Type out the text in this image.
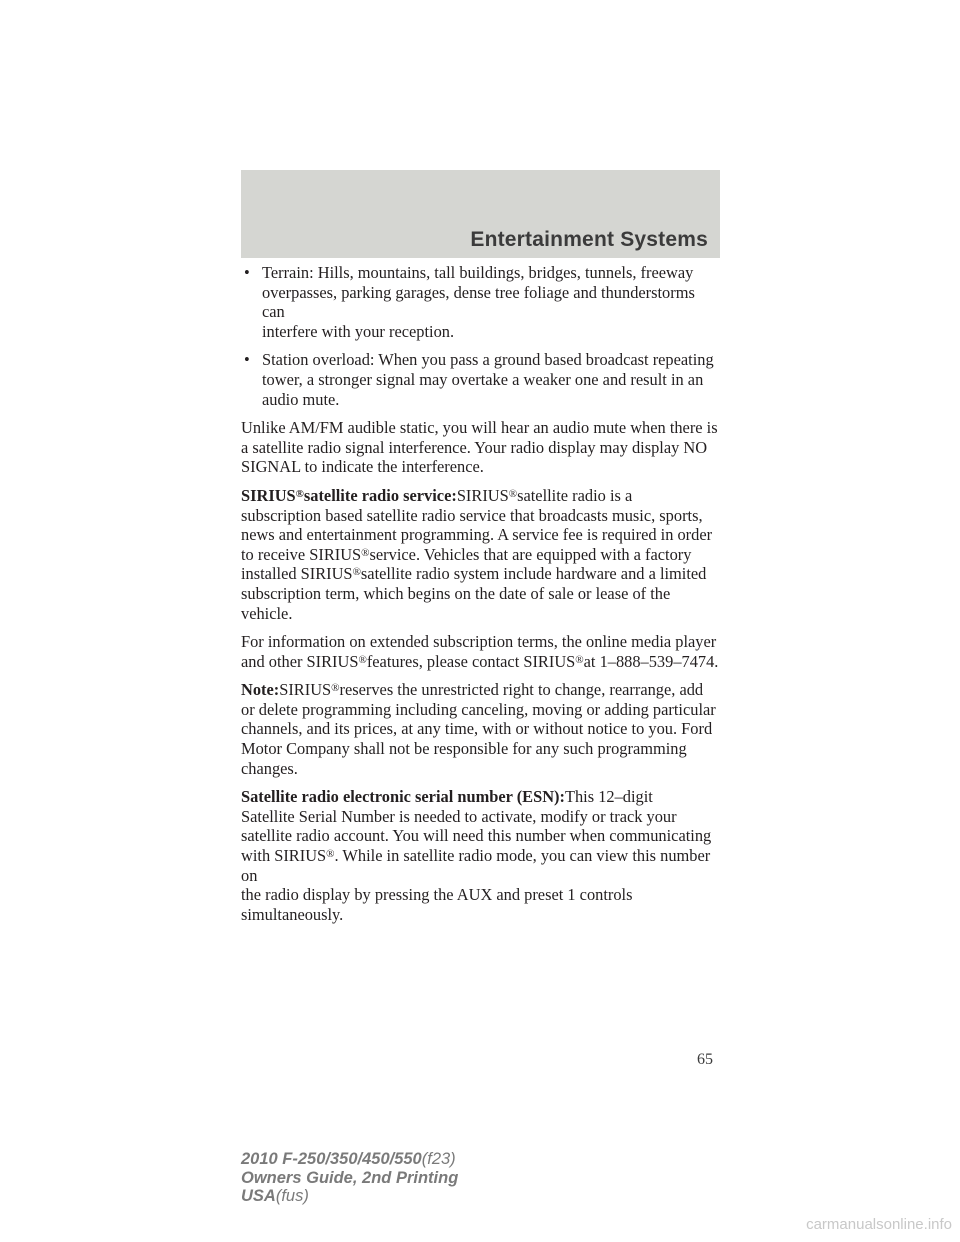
Entertainment Systems
• Terrain: Hills, mountains, tall buildings, bridges, tunnels, freeway
overpasses, parking garages, dense tree foliage and thunderstorms can
interfere with your reception.
• Station overload: When you pass a ground based broadcast repeating
tower, a stronger signal may overtake a weaker one and result in an
audio mute.

Unlike AM/FM audible static, you will hear an audio mute when there is
a satellite radio signal interference. Your radio display may display NO
SIGNAL to indicate the interference.

SIRIUS®satellite radio service:SIRIUS®satellite radio is a
subscription based satellite radio service that broadcasts music, sports,
news and entertainment programming. A service fee is required in order
to receive SIRIUS®service. Vehicles that are equipped with a factory
installed SIRIUS®satellite radio system include hardware and a limited
subscription term, which begins on the date of sale or lease of the
vehicle.

For information on extended subscription terms, the online media player
and other SIRIUS®features, please contact SIRIUS®at 1–888–539–7474.

Note:SIRIUS®reserves the unrestricted right to change, rearrange, add
or delete programming including canceling, moving or adding particular
channels, and its prices, at any time, with or without notice to you. Ford
Motor Company shall not be responsible for any such programming
changes.

Satellite radio electronic serial number (ESN):This 12–digit
Satellite Serial Number is needed to activate, modify or track your
satellite radio account. You will need this number when communicating
with SIRIUS®. While in satellite radio mode, you can view this number on
the radio display by pressing the AUX and preset 1 controls
simultaneously.

65
2010 F-250/350/450/550(f23)
Owners Guide, 2nd Printing
USA(fus)
carmanualsonline.info
